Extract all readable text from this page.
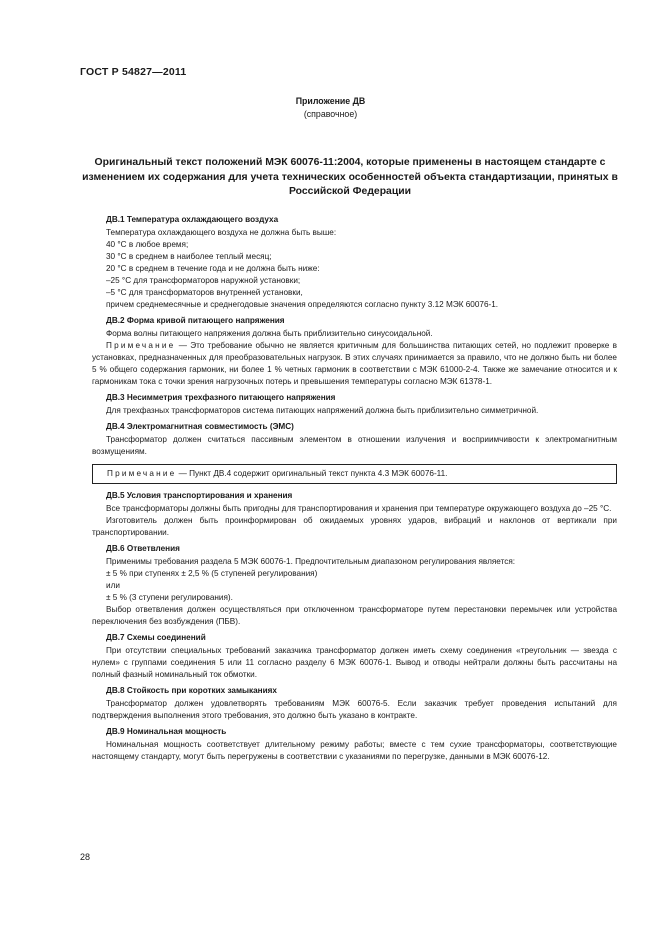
ГОСТ Р 54827—2011
Приложение ДВ
(справочное)
Оригинальный текст положений МЭК 60076-11:2004, которые применены в настоящем стандарте с изменением их содержания для учета технических особенностей объекта стандартизации, принятых в Российской Федерации
ДВ.1 Температура охлаждающего воздуха

Температура охлаждающего воздуха не должна быть выше:

40 °С в любое время;

30 °С в среднем в наиболее теплый месяц;

20 °С в среднем в течение года и не должна быть ниже:

–25 °С для трансформаторов наружной установки;

–5 °С для трансформаторов внутренней установки,

причем среднемесячные и среднегодовые значения определяются согласно пункту 3.12 МЭК 60076-1.

ДВ.2 Форма кривой питающего напряжения

Форма волны питающего напряжения должна быть приблизительно синусоидальной.

Примечание — Это требование обычно не является критичным для большинства питающих сетей, но подлежит проверке в установках, предназначенных для преобразовательных нагрузок. В этих случаях принимается за правило, что не должно быть ни более 5 % общего содержания гармоник, ни более 1 % четных гармоник в соответствии с МЭК 61000-2-4. Также же замечание относится и к гармоникам тока с точки зрения нагрузочных потерь и превышения температуры согласно МЭК 61378-1.

ДВ.3 Несимметрия трехфазного питающего напряжения

Для трехфазных трансформаторов система питающих напряжений должна быть приблизительно симметричной.

ДВ.4 Электромагнитная совместимость (ЭМС)

Трансформатор должен считаться пассивным элементом в отношении излучения и восприимчивости к электромагнитным возмущениям.

Примечание — Пункт ДВ.4 содержит оригинальный текст пункта 4.3 МЭК 60076-11.
ДВ.5 Условия транспортирования и хранения

Все трансформаторы должны быть пригодны для транспортирования и хранения при температуре окружающего воздуха до –25 °С.

Изготовитель должен быть проинформирован об ожидаемых уровнях ударов, вибраций и наклонов от вертикали при транспортировании.

ДВ.6 Ответвления

Применимы требования раздела 5 МЭК 60076-1. Предпочтительным диапазоном регулирования является:

± 5 % при ступенях ± 2,5 % (5 ступеней регулирования)

или

± 5 % (3 ступени регулирования).

Выбор ответвления должен осуществляться при отключенном трансформаторе путем перестановки перемычек или устройства переключения без возбуждения (ПБВ).

ДВ.7 Схемы соединений

При отсутствии специальных требований заказчика трансформатор должен иметь схему соединения «треугольник — звезда с нулем» с группами соединения 5 или 11 согласно разделу 6 МЭК 60076-1. Вывод и отводы нейтрали должны быть рассчитаны на полный фазный номинальный ток обмотки.

ДВ.8 Стойкость при коротких замыканиях

Трансформатор должен удовлетворять требованиям МЭК 60076-5. Если заказчик требует проведения испытаний для подтверждения выполнения этого требования, это должно быть указано в контракте.

ДВ.9 Номинальная мощность

Номинальная мощность соответствует длительному режиму работы; вместе с тем сухие трансформаторы, соответствующие настоящему стандарту, могут быть перегружены в соответствии с указаниями по перегрузке, данными в МЭК 60076-12.

28
